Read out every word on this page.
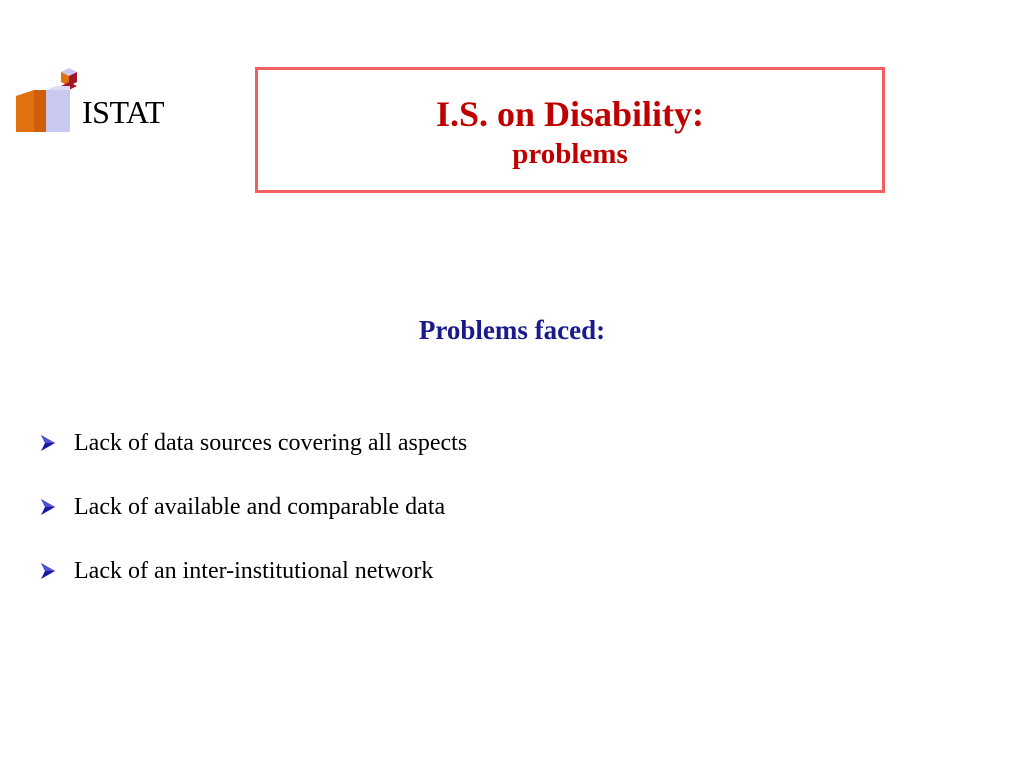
ISTAT	I.S. on Disability:
problems
Problems faced:
Lack of data sources covering all aspects
Lack of available and comparable data
Lack of an inter-institutional network
